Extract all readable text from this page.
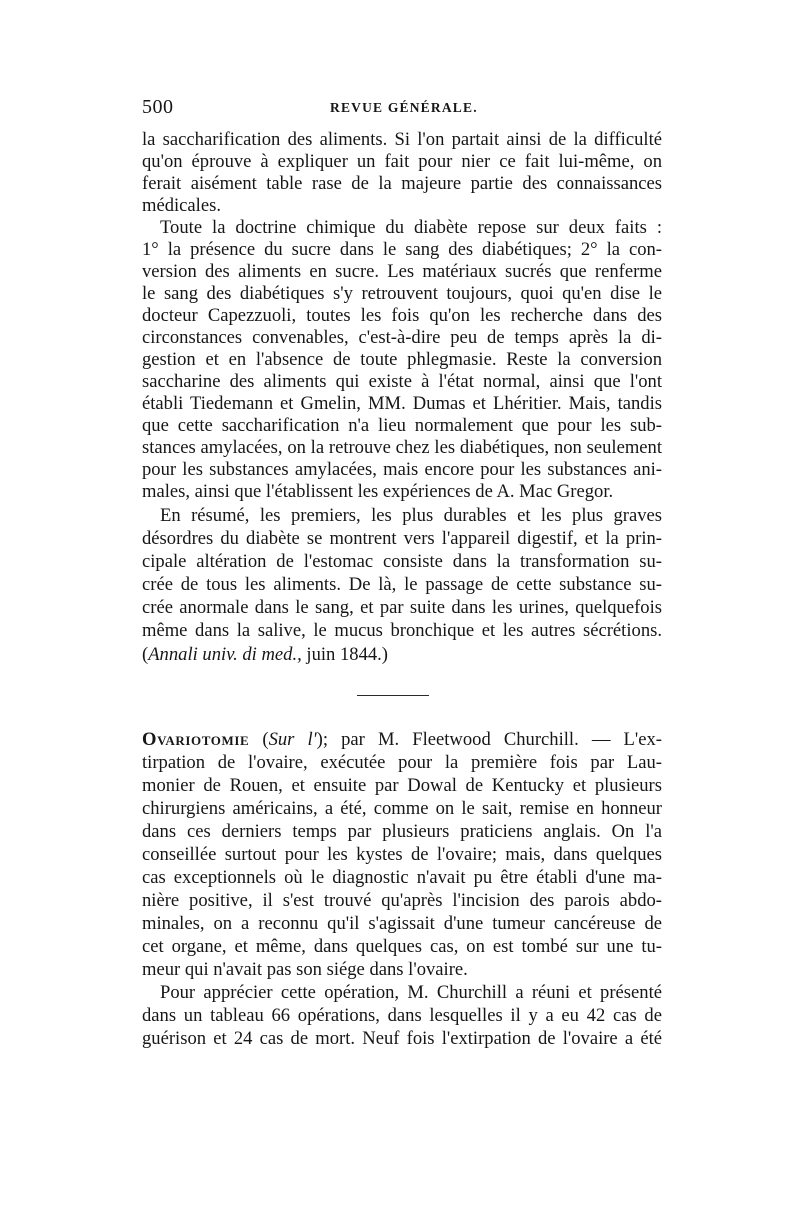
500	REVUE GÉNÉRALE.
la saccharification des aliments. Si l'on partait ainsi de la difficulté
qu'on éprouve à expliquer un fait pour nier ce fait lui-même, on
ferait aisément table rase de la majeure partie des connaissances
médicales.
Toute la doctrine chimique du diabète repose sur deux faits :
1° la présence du sucre dans le sang des diabétiques; 2° la con-
version des aliments en sucre. Les matériaux sucrés que renferme
le sang des diabétiques s'y retrouvent toujours, quoi qu'en dise le
docteur Capezzuoli, toutes les fois qu'on les recherche dans des
circonstances convenables, c'est-à-dire peu de temps après la di-
gestion et en l'absence de toute phlegmasie. Reste la conversion
saccharine des aliments qui existe à l'état normal, ainsi que l'ont
établi Tiedemann et Gmelin, MM. Dumas et Lhéritier. Mais, tandis
que cette saccharification n'a lieu normalement que pour les sub-
stances amylacées, on la retrouve chez les diabétiques, non seulement
pour les substances amylacées, mais encore pour les substances ani-
males, ainsi que l'établissent les expériences de A. Mac Gregor.
En résumé, les premiers, les plus durables et les plus graves
désordres du diabète se montrent vers l'appareil digestif, et la prin-
cipale altération de l'estomac consiste dans la transformation su-
crée de tous les aliments. De là, le passage de cette substance su-
crée anormale dans le sang, et par suite dans les urines, quelquefois
même dans la salive, le mucus bronchique et les autres sécrétions.
(Annali univ. di med., juin 1844.)
Ovariotomie (Sur l'); par M. Fleetwood Churchill. — L'ex-
tirpation de l'ovaire, exécutée pour la première fois par Lau-
monier de Rouen, et ensuite par Dowal de Kentucky et plusieurs
chirurgiens américains, a été, comme on le sait, remise en honneur
dans ces derniers temps par plusieurs praticiens anglais. On l'a
conseillée surtout pour les kystes de l'ovaire; mais, dans quelques
cas exceptionnels où le diagnostic n'avait pu être établi d'une ma-
nière positive, il s'est trouvé qu'après l'incision des parois abdo-
minales, on a reconnu qu'il s'agissait d'une tumeur cancéreuse de
cet organe, et même, dans quelques cas, on est tombé sur une tu-
meur qui n'avait pas son siége dans l'ovaire.
Pour apprécier cette opération, M. Churchill a réuni et présenté
dans un tableau 66 opérations, dans lesquelles il y a eu 42 cas de
guérison et 24 cas de mort. Neuf fois l'extirpation de l'ovaire a été
